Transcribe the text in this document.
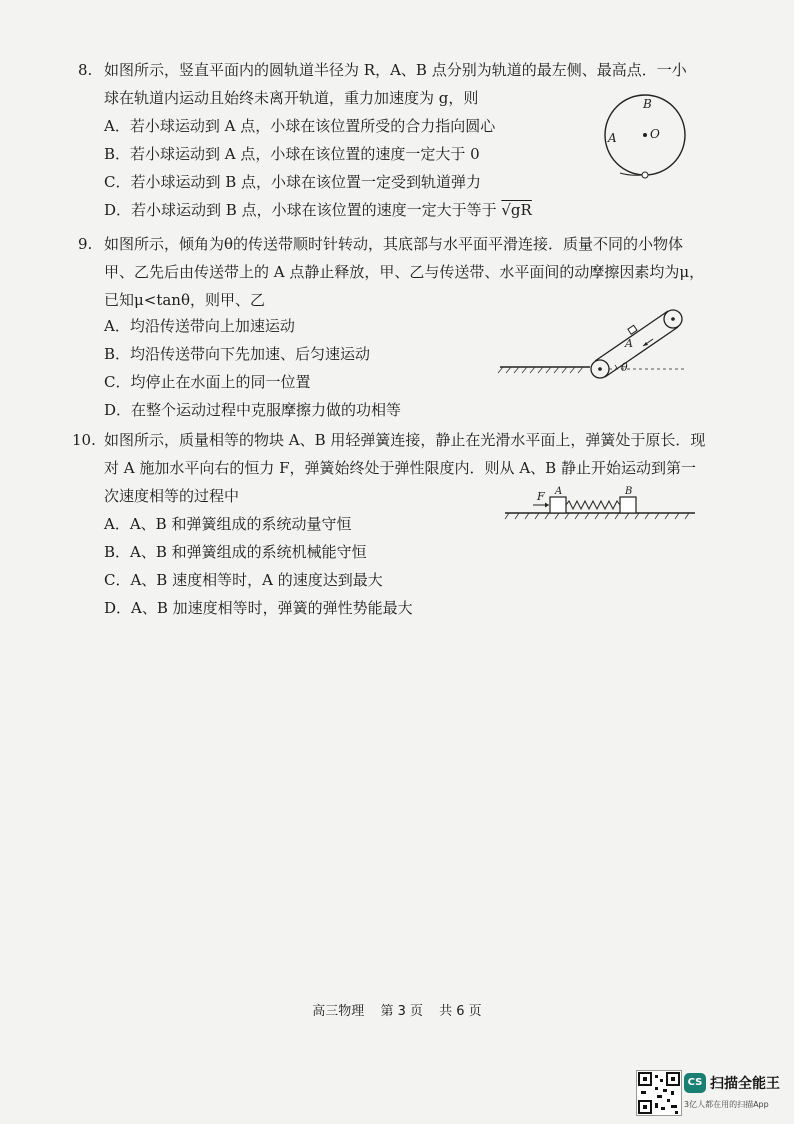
8. 如图所示，竖直平面内的圆轨道半径为 R，A、B 点分别为轨道的最左侧、最高点．一小
球在轨道内运动且始终未离开轨道，重力加速度为 g，则
A．若小球运动到 A 点，小球在该位置所受的合力指向圆心
B．若小球运动到 A 点，小球在该位置的速度一定大于 0
C．若小球运动到 B 点，小球在该位置一定受到轨道弹力
D．若小球运动到 B 点，小球在该位置的速度一定大于等于 √gR
B
A	O
9. 如图所示，倾角为θ的传送带顺时针转动，其底部与水平面平滑连接．质量不同的小物体
甲、乙先后由传送带上的 A 点静止释放，甲、乙与传送带、水平面间的动摩擦因素均为μ，
已知μ<tanθ，则甲、乙
A．均沿传送带向上加速运动
B．均沿传送带向下先加速、后匀速运动
C．均停止在水面上的同一位置
D．在整个运动过程中克服摩擦力做的功相等
A
θ
10. 如图所示，质量相等的物块 A、B 用轻弹簧连接，静止在光滑水平面上，弹簧处于原长．现
对 A 施加水平向右的恒力 F，弹簧始终处于弹性限度内．则从 A、B 静止开始运动到第一
次速度相等的过程中
A．A、B 和弹簧组成的系统动量守恒
B．A、B 和弹簧组成的系统机械能守恒
C．A、B 速度相等时，A 的速度达到最大
D．A、B 加速度相等时，弹簧的弹性势能最大
F A	B
高三物理 第 3 页 共 6 页
CS 扫描全能王
3亿人都在用的扫描App
